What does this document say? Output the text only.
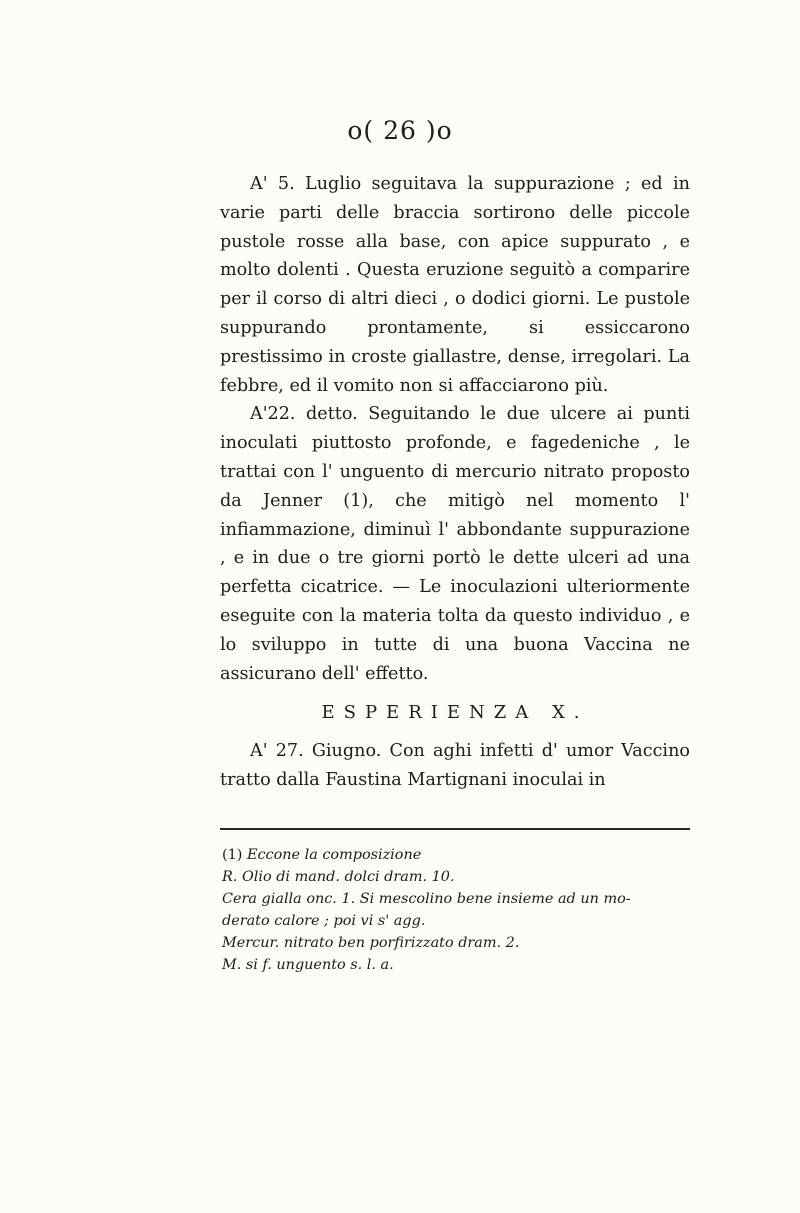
o( 26 )o

A' 5. Luglio seguitava la suppurazione ; ed in varie parti delle braccia sortirono delle piccole pustole rosse alla base, con apice suppurato , e molto dolenti . Questa eruzione seguitò a comparire per il corso di altri dieci , o dodici giorni. Le pustole suppurando prontamente, si essiccarono prestissimo in croste giallastre, dense, irregolari. La febbre, ed il vomito non si affacciarono più.

A'22. detto. Seguitando le due ulcere ai punti inoculati piuttosto profonde, e fagedeniche , le trattai con l' unguento di mercurio nitrato proposto da Jenner (1), che mitigò nel momento l' infiammazione, diminuì l' abbondante suppurazione , e in due o tre giorni portò le dette ulceri ad una perfetta cicatrice. — Le inoculazioni ulteriormente eseguite con la materia tolta da questo individuo , e lo sviluppo in tutte di una buona Vaccina ne assicurano dell' effetto.

ESPERIENZA X.

A' 27. Giugno. Con aghi infetti d' umor Vaccino tratto dalla Faustina Martignani inoculai in

(1) Eccone la composizione
R. Olio di mand. dolci dram. 10.
Cera gialla onc. 1. Si mescolino bene insieme ad un mo-
derato calore ; poi vi s' agg.
Mercur. nitrato ben porfirizzato dram. 2.
M. si f. unguento s. l. a.
